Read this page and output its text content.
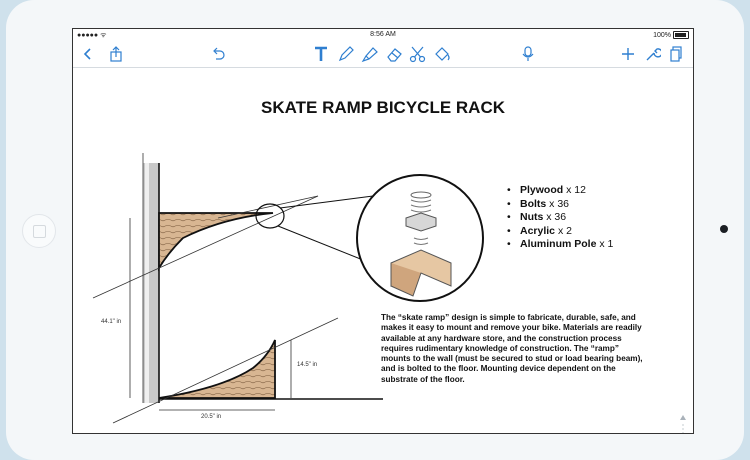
●●●●● ᯤ	8:56 AM	100%
SKATE RAMP BICYCLE RACK
44.1" in
14.5" in
20.5" in
• Plywood x 12
• Bolts x 36
• Nuts x 36
• Acrylic x 2
• Aluminum Pole x 1
The “skate ramp” design is simple to fabricate, durable, safe, and makes it easy to mount and remove your bike. Materials are readily available at any hardware store, and the construction process requires rudimentary knowledge of construction. The “ramp” mounts to the wall (must be secured to stud or load bearing beam), and is bolted to the floor. Mounting device dependent on the substrate of the floor.
